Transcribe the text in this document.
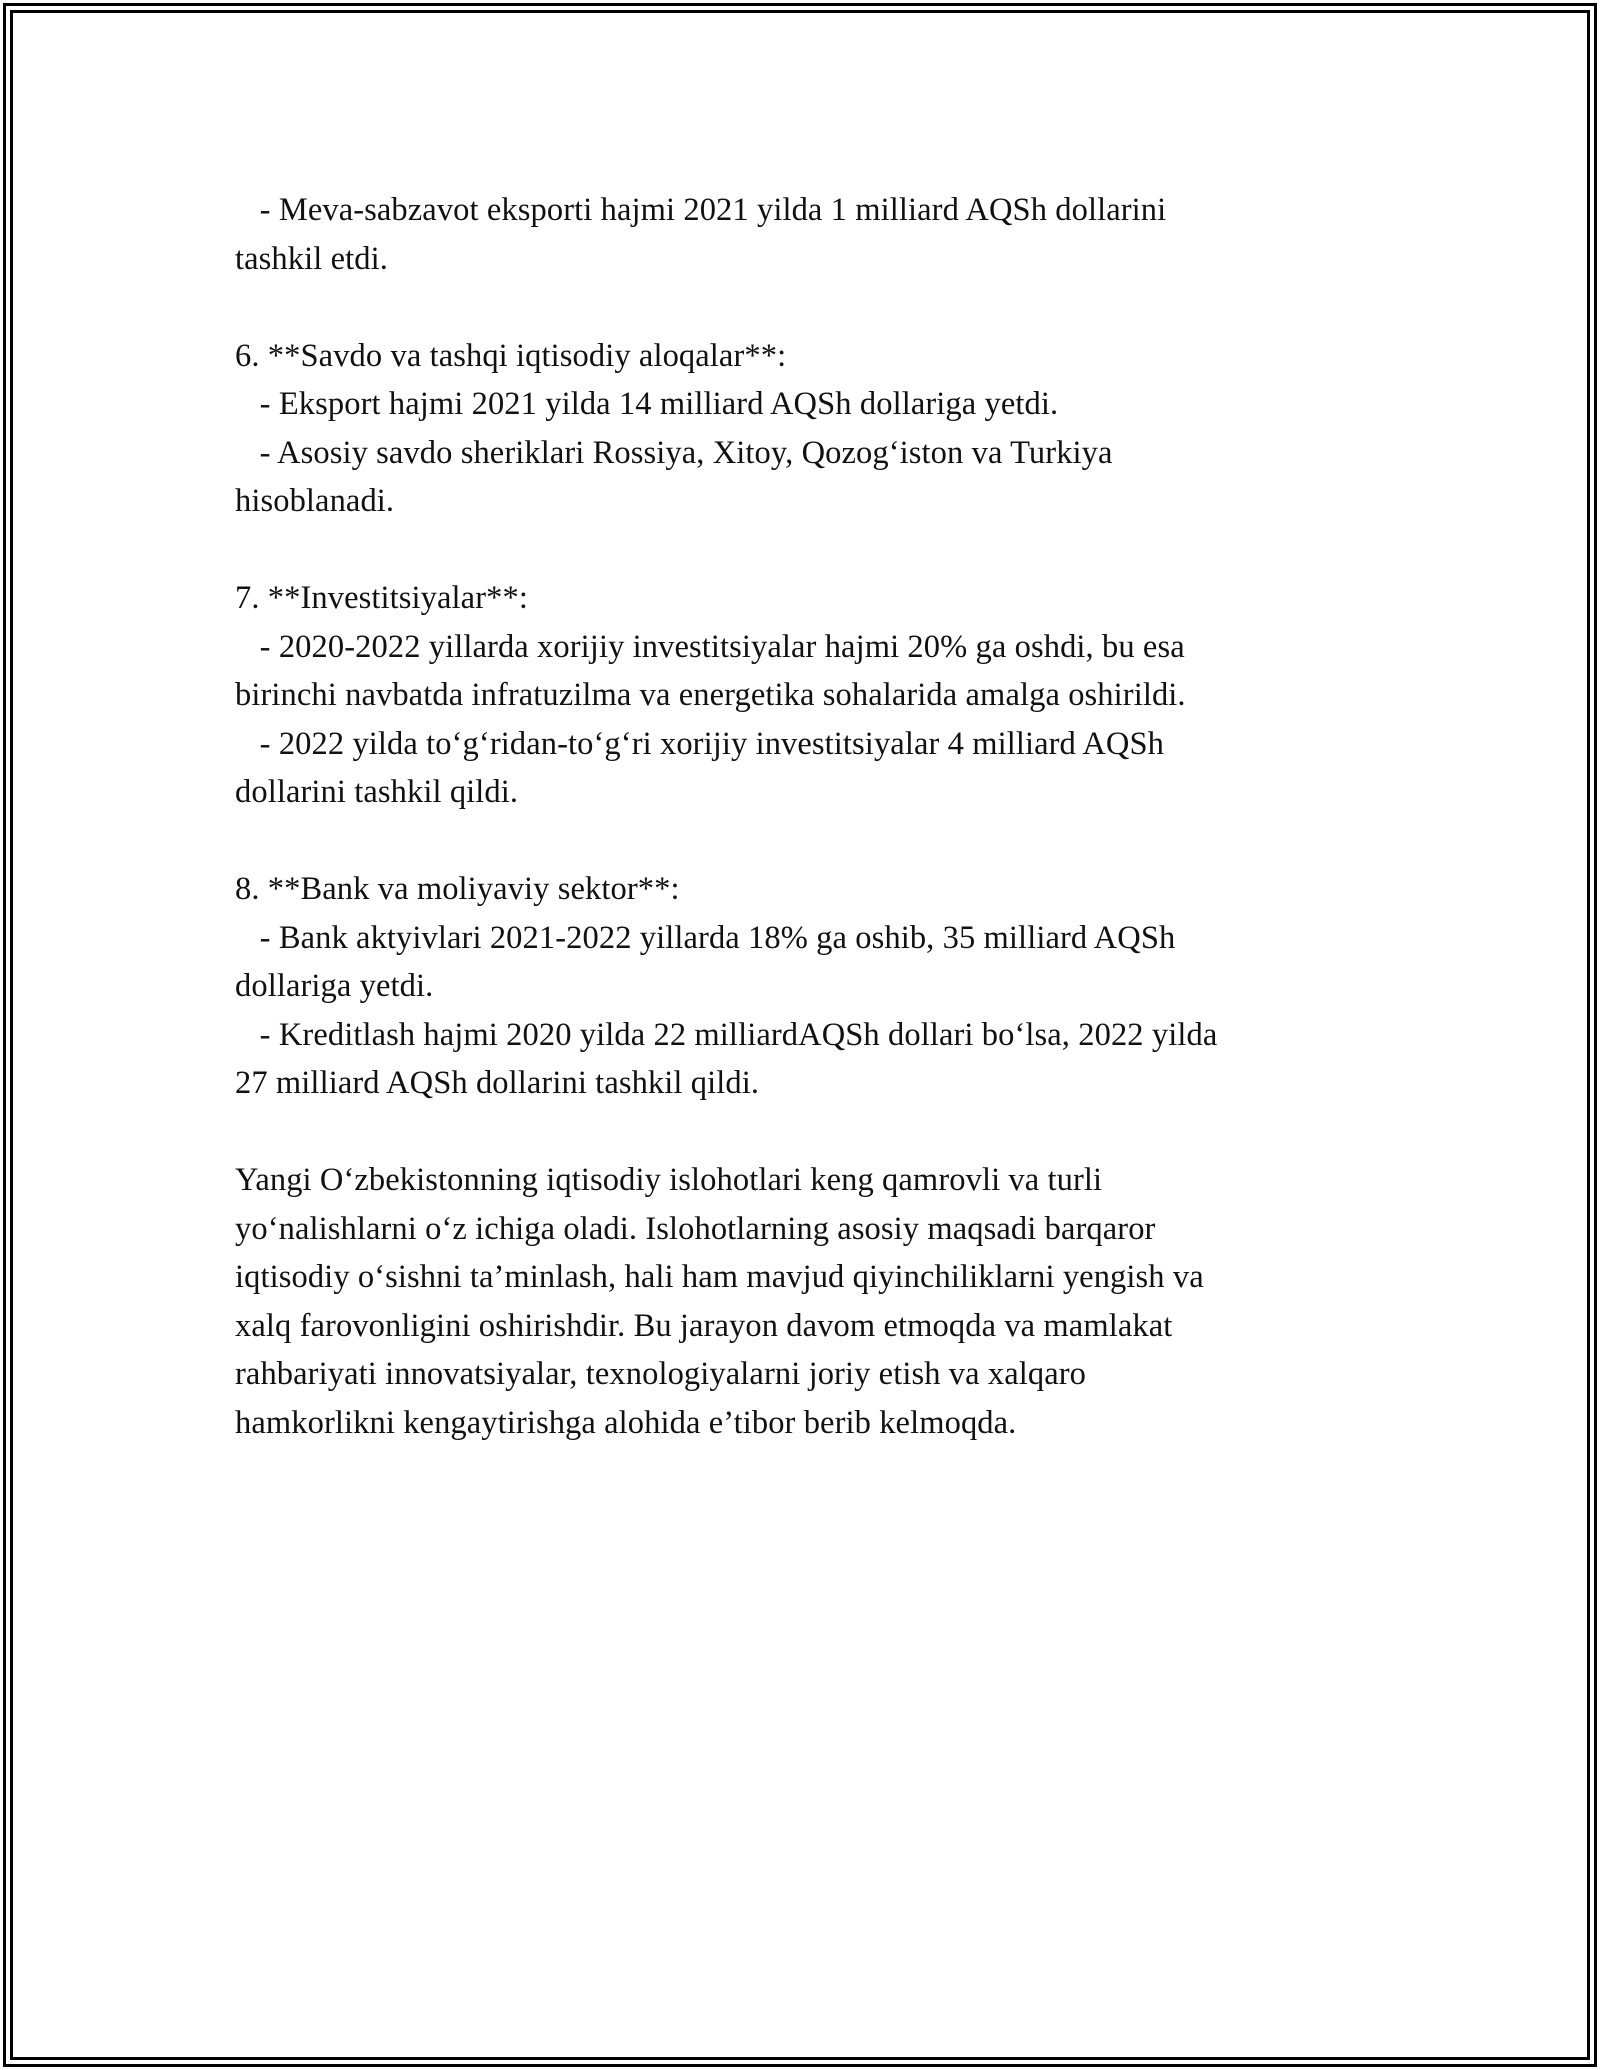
- Meva-sabzavot eksporti hajmi 2021 yilda 1 milliard AQSh dollarini
tashkil etdi.
6. **Savdo va tashqi iqtisodiy aloqalar**:
- Eksport hajmi 2021 yilda 14 milliard AQSh dollariga yetdi.
- Asosiy savdo sheriklari Rossiya, Xitoy, Qozog‘iston va Turkiya
hisoblanadi.
7. **Investitsiyalar**:
- 2020-2022 yillarda xorijiy investitsiyalar hajmi 20% ga oshdi, bu esa
birinchi navbatda infratuzilma va energetika sohalarida amalga oshirildi.
- 2022 yilda to‘g‘ridan-to‘g‘ri xorijiy investitsiyalar 4 milliard AQSh
dollarini tashkil qildi.
8. **Bank va moliyaviy sektor**:
- Bank aktyivlari 2021-2022 yillarda 18% ga oshib, 35 milliard AQSh
dollariga yetdi.
- Kreditlash hajmi 2020 yilda 22 milliardAQSh dollari bo‘lsa, 2022 yilda
27 milliard AQSh dollarini tashkil qildi.
Yangi O‘zbekistonning iqtisodiy islohotlari keng qamrovli va turli
yo‘nalishlarni o‘z ichiga oladi. Islohotlarning asosiy maqsadi barqaror
iqtisodiy o‘sishni ta’minlash, hali ham mavjud qiyinchiliklarni yengish va
xalq farovonligini oshirishdir. Bu jarayon davom etmoqda va mamlakat
rahbariyati innovatsiyalar, texnologiyalarni joriy etish va xalqaro
hamkorlikni kengaytirishga alohida e’tibor berib kelmoqda.
